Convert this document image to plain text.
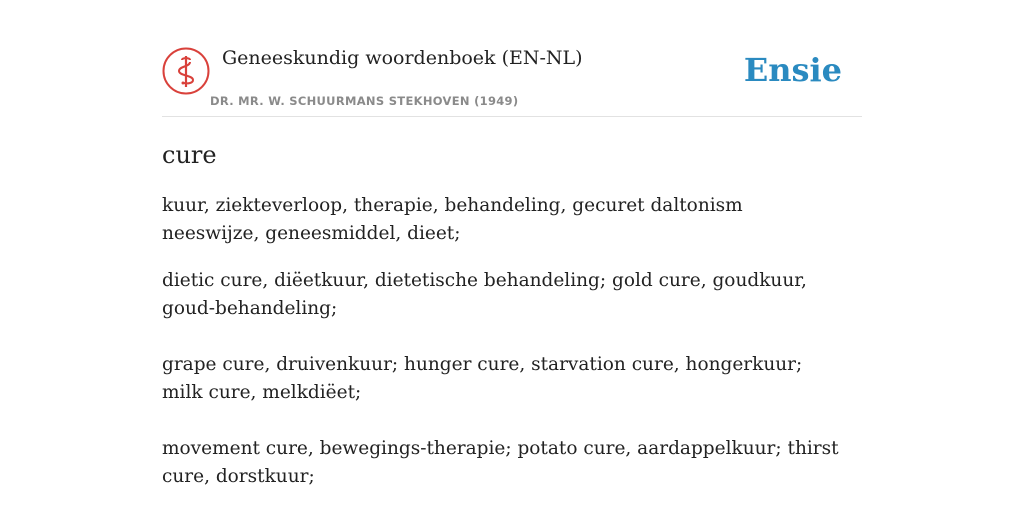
Geneeskundig woordenboek (EN-NL)
DR. MR. W. SCHUURMANS STEKHOVEN (1949)
Ensie
cure

kuur, ziekteverloop, therapie, behandeling, gecuret daltonism neeswijze, geneesmiddel, dieet;

dietic cure, diëetkuur, dietetische behandeling; gold cure, goudkuur, goud-behandeling;

grape cure, druivenkuur; hunger cure, starvation cure, hongerkuur; milk cure, melkdiëet;

movement cure, bewegings-therapie; potato cure, aardappelkuur; thirst cure, dorstkuur;
